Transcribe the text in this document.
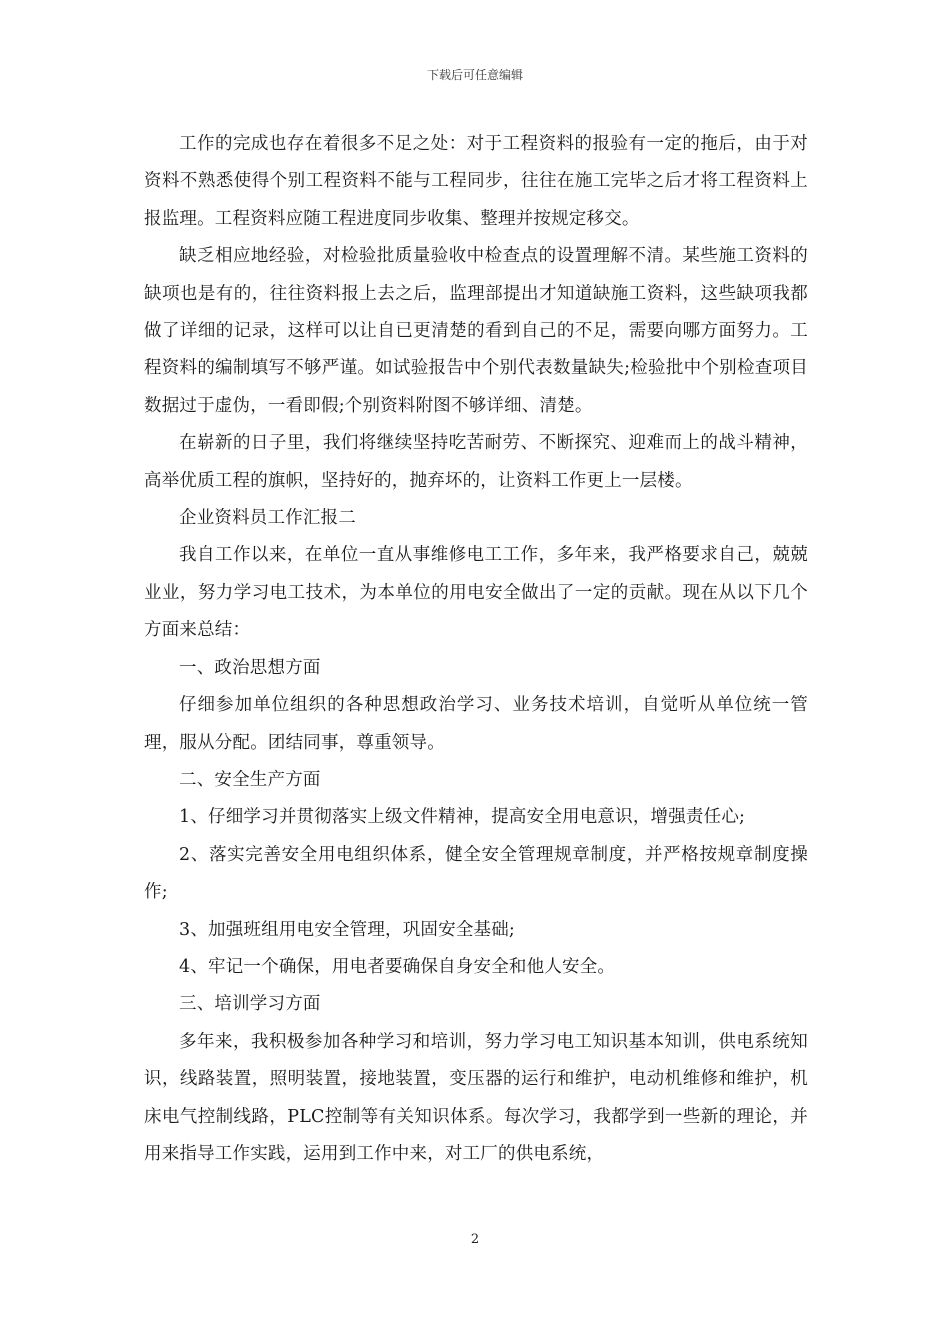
下载后可任意编辑

工作的完成也存在着很多不足之处：对于工程资料的报验有一定的拖后，由于对资料不熟悉使得个别工程资料不能与工程同步，往往在施工完毕之后才将工程资料上报监理。工程资料应随工程进度同步收集、整理并按规定移交。

缺乏相应地经验，对检验批质量验收中检查点的设置理解不清。某些施工资料的缺项也是有的，往往资料报上去之后，监理部提出才知道缺施工资料，这些缺项我都做了详细的记录，这样可以让自已更清楚的看到自己的不足，需要向哪方面努力。工程资料的编制填写不够严谨。如试验报告中个别代表数量缺失;检验批中个别检查项目数据过于虚伪，一看即假;个别资料附图不够详细、清楚。

在崭新的日子里，我们将继续坚持吃苦耐劳、不断探究、迎难而上的战斗精神，高举优质工程的旗帜，坚持好的，抛弃坏的，让资料工作更上一层楼。

企业资料员工作汇报二

我自工作以来，在单位一直从事维修电工工作，多年来，我严格要求自己，兢兢业业，努力学习电工技术，为本单位的用电安全做出了一定的贡献。现在从以下几个方面来总结：

一、政治思想方面

仔细参加单位组织的各种思想政治学习、业务技术培训，自觉听从单位统一管理，服从分配。团结同事，尊重领导。

二、安全生产方面

1、仔细学习并贯彻落实上级文件精神，提高安全用电意识，增强责任心;

2、落实完善安全用电组织体系，健全安全管理规章制度，并严格按规章制度操作;

3、加强班组用电安全管理，巩固安全基础;

4、牢记一个确保，用电者要确保自身安全和他人安全。

三、培训学习方面

多年来，我积极参加各种学习和培训，努力学习电工知识基本知训，供电系统知识，线路装置，照明装置，接地装置，变压器的运行和维护，电动机维修和维护，机床电气控制线路，PLC控制等有关知识体系。每次学习，我都学到一些新的理论，并用来指导工作实践，运用到工作中来，对工厂的供电系统，

2
